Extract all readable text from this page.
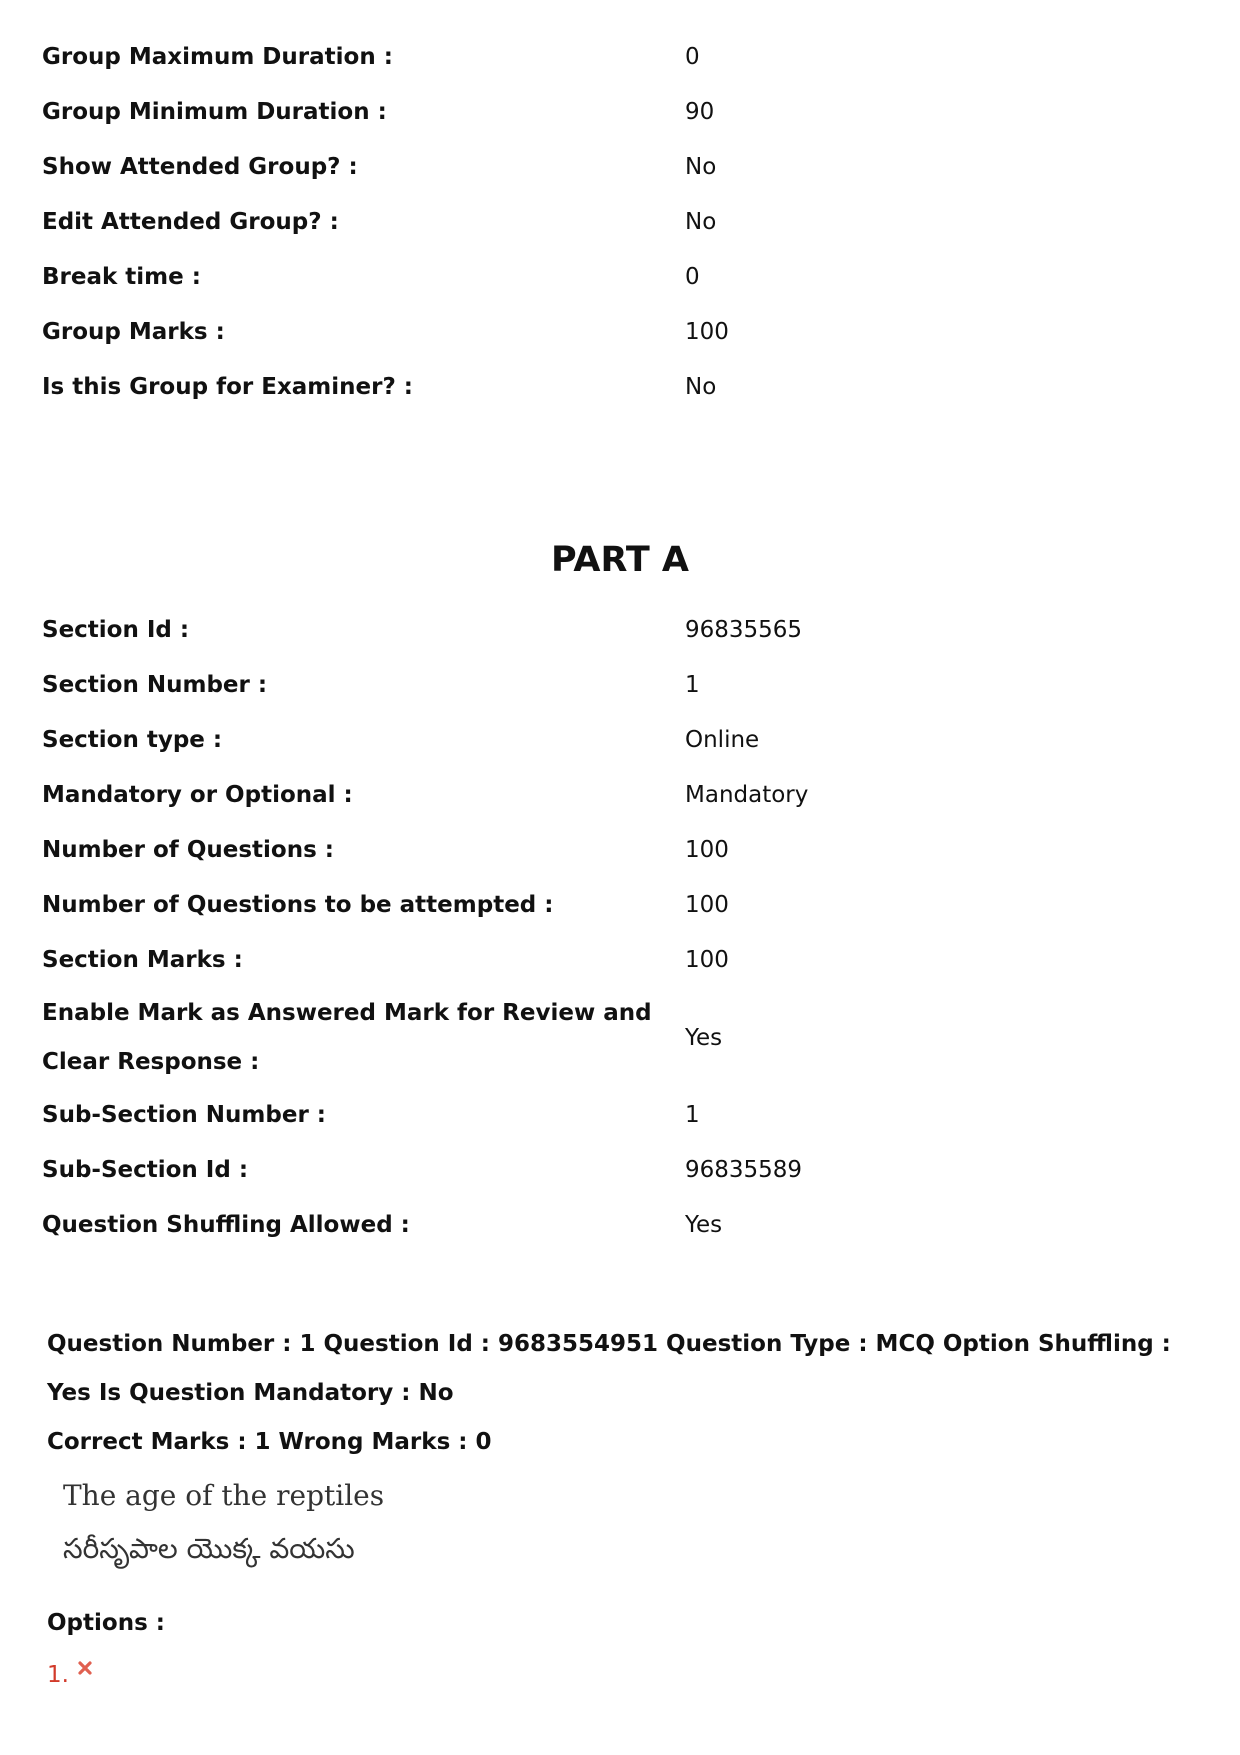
Group Maximum Duration :	0
Group Minimum Duration :	90
Show Attended Group? :	No
Edit Attended Group? :	No
Break time :	0
Group Marks :	100
Is this Group for Examiner? :	No
PART A
Section Id :	96835565
Section Number :	1
Section type :	Online
Mandatory or Optional :	Mandatory
Number of Questions :	100
Number of Questions to be attempted :	100
Section Marks :	100
Enable Mark as Answered Mark for Review and Clear Response :
Yes
Sub-Section Number :	1
Sub-Section Id :	96835589
Question Shuffling Allowed :	Yes

Question Number : 1 Question Id : 9683554951 Question Type : MCQ Option Shuffling : Yes Is Question Mandatory : No

Correct Marks : 1 Wrong Marks : 0

The age of the reptiles
సరీసృపాల యొక్క వయసు
Options :
1.
